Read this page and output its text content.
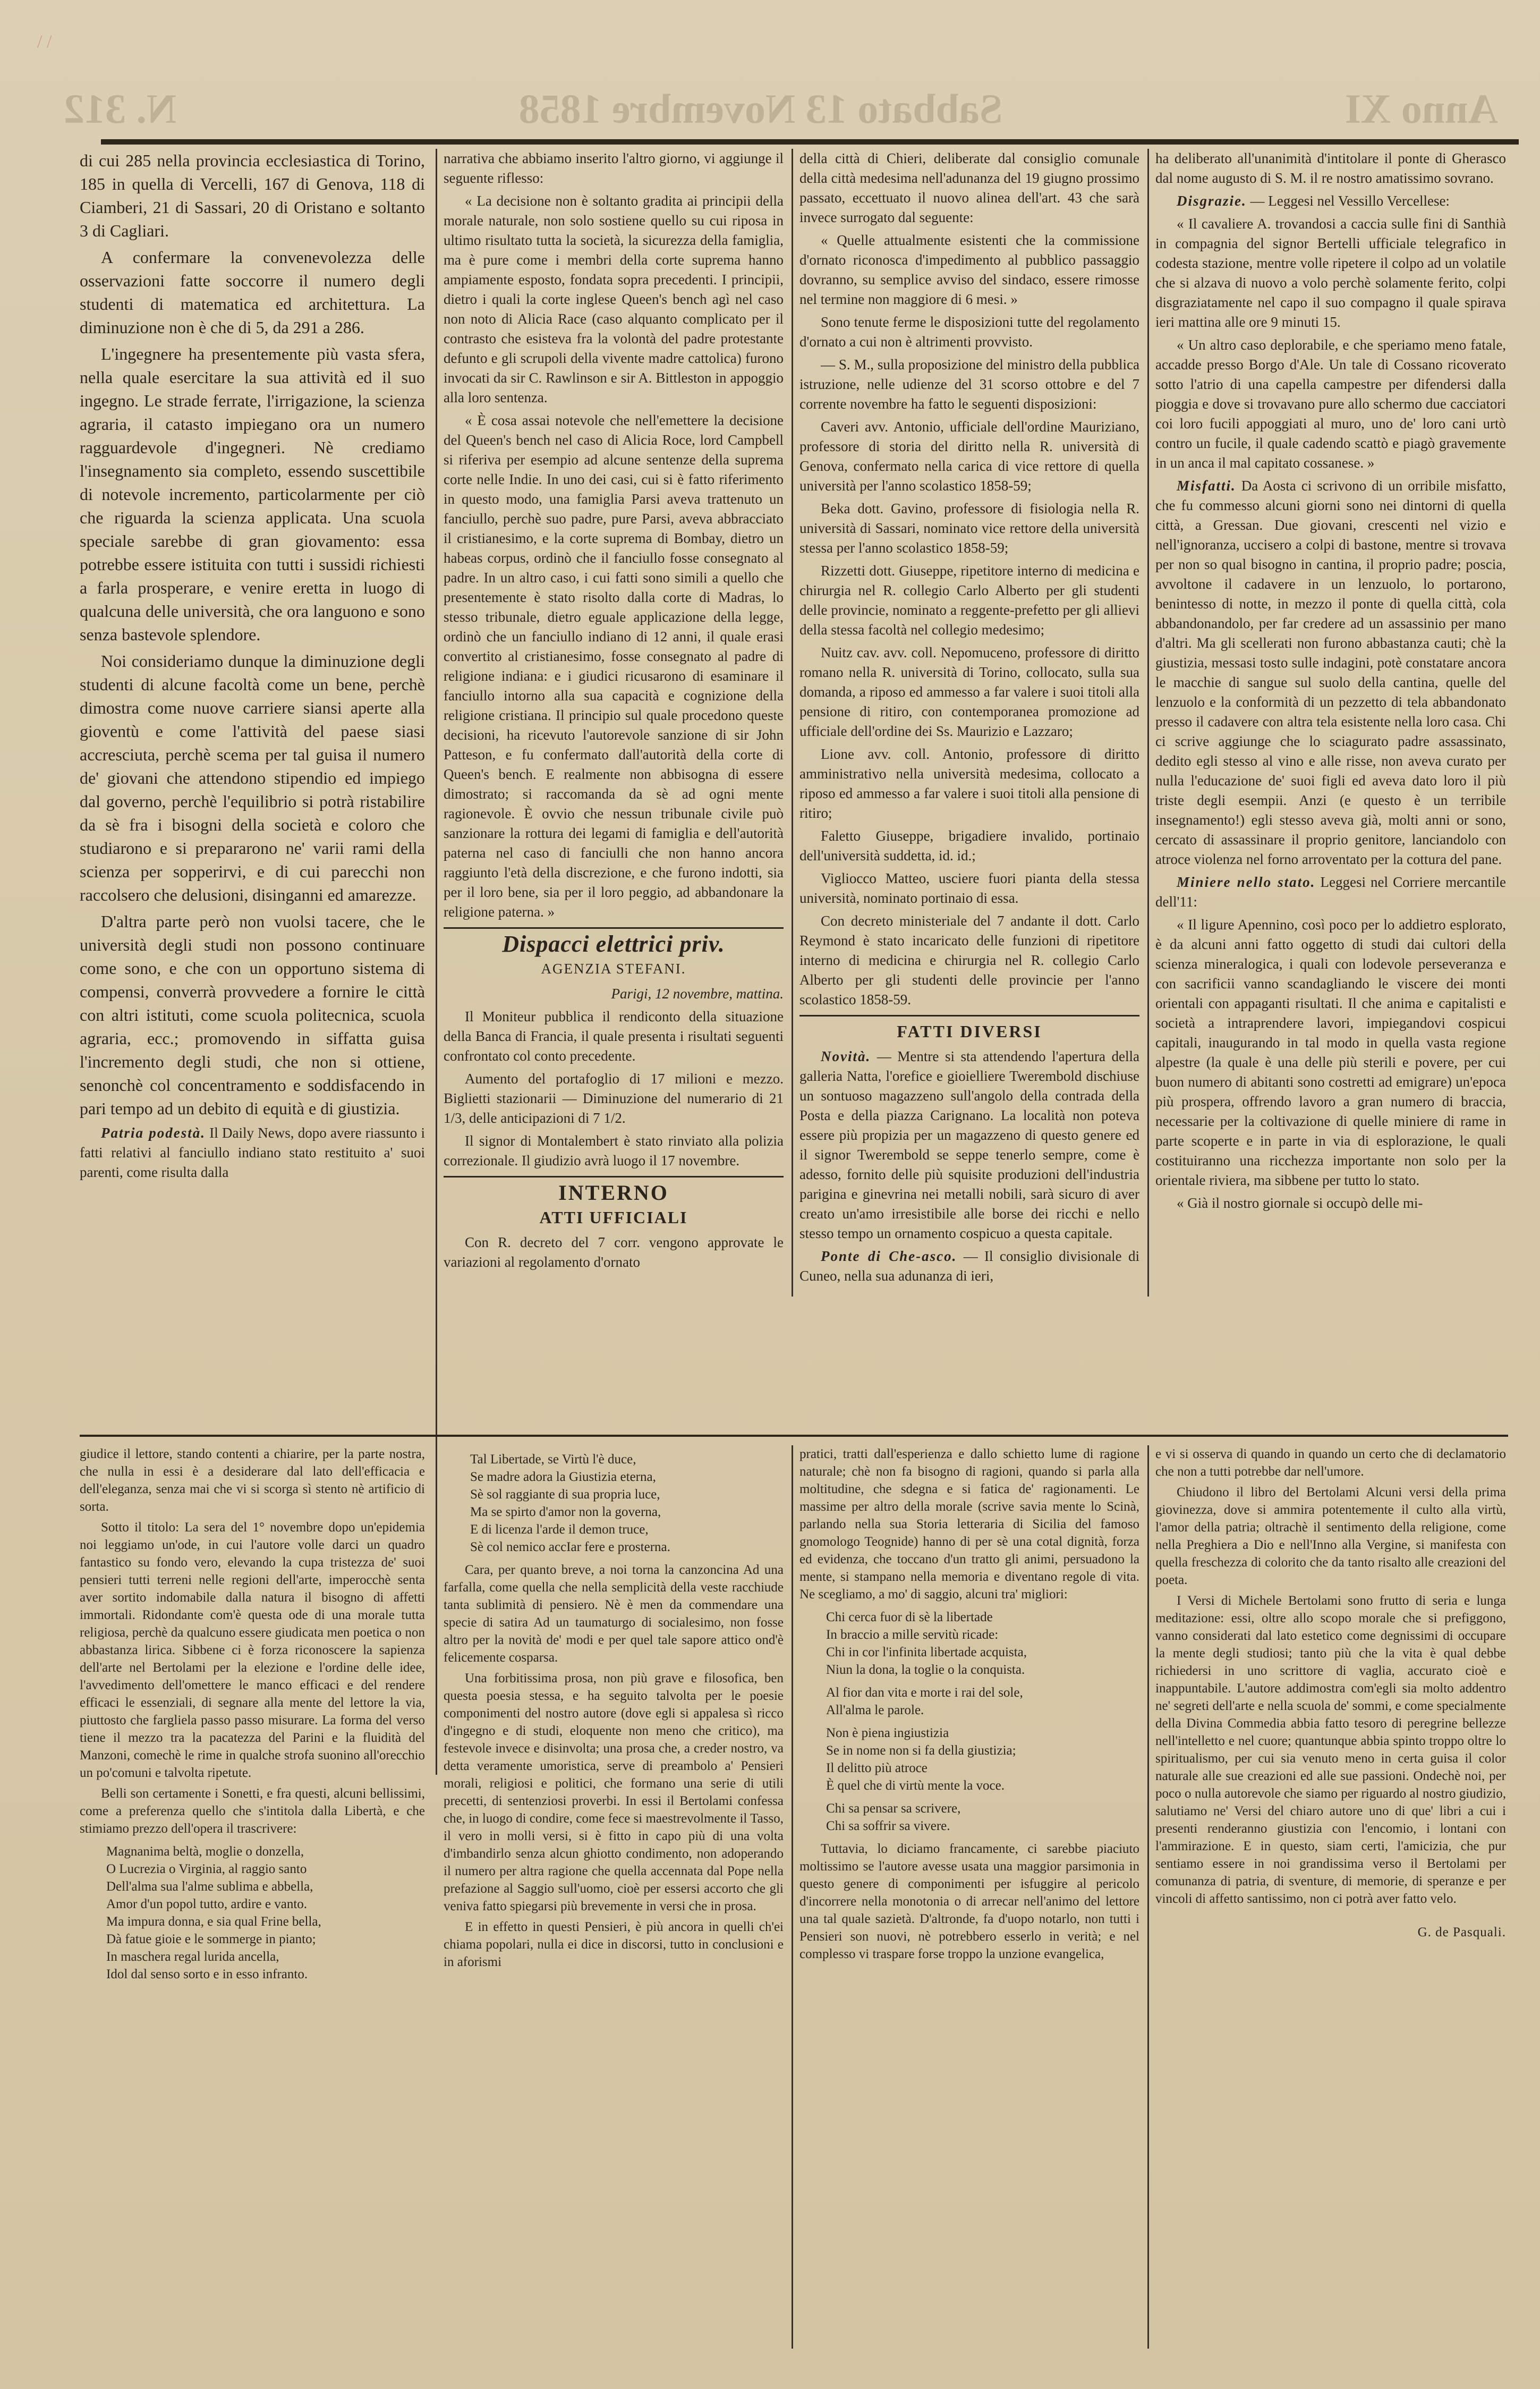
/ /
Anno XI
Sabbato 13 Novembre 1858
N. 312

di cui 285 nella provincia ecclesiastica di Torino, 185 in quella di Vercelli, 167 di Genova, 118 di Ciamberi, 21 di Sassari, 20 di Oristano e soltanto 3 di Cagliari.

A confermare la convenevolezza delle osservazioni fatte soccorre il numero degli studenti di matematica ed architettura. La diminuzione non è che di 5, da 291 a 286.

L'ingegnere ha presentemente più vasta sfera, nella quale esercitare la sua attività ed il suo ingegno. Le strade ferrate, l'irrigazione, la scienza agraria, il catasto impiegano ora un numero ragguardevole d'ingegneri. Nè crediamo l'insegnamento sia completo, essendo suscettibile di notevole incremento, particolarmente per ciò che riguarda la scienza applicata. Una scuola speciale sarebbe di gran giovamento: essa potrebbe essere istituita con tutti i sussidi richiesti a farla prosperare, e venire eretta in luogo di qualcuna delle università, che ora languono e sono senza bastevole splendore.

Noi consideriamo dunque la diminuzione degli studenti di alcune facoltà come un bene, perchè dimostra come nuove carriere siansi aperte alla gioventù e come l'attività del paese siasi accresciuta, perchè scema per tal guisa il numero de' giovani che attendono stipendio ed impiego dal governo, perchè l'equilibrio si potrà ristabilire da sè fra i bisogni della società e coloro che studiarono e si prepararono ne' varii rami della scienza per sopperirvi, e di cui parecchi non raccolsero che delusioni, disinganni ed amarezze.

D'altra parte però non vuolsi tacere, che le università degli studi non possono continuare come sono, e che con un opportuno sistema di compensi, converrà provvedere a fornire le città con altri istituti, come scuola politecnica, scuola agraria, ecc.; promovendo in siffatta guisa l'incremento degli studi, che non si ottiene, senonchè col concentramento e soddisfacendo in pari tempo ad un debito di equità e di giustizia.

Patria podestà. Il Daily News, dopo avere riassunto i fatti relativi al fanciullo indiano stato restituito a' suoi parenti, come risulta dalla

narrativa che abbiamo inserito l'altro giorno, vi aggiunge il seguente riflesso:

« La decisione non è soltanto gradita ai principii della morale naturale, non solo sostiene quello su cui riposa in ultimo risultato tutta la società, la sicurezza della famiglia, ma è pure come i membri della corte suprema hanno ampiamente esposto, fondata sopra precedenti. I principii, dietro i quali la corte inglese Queen's bench agì nel caso non noto di Alicia Race (caso alquanto complicato per il contrasto che esisteva fra la volontà del padre protestante defunto e gli scrupoli della vivente madre cattolica) furono invocati da sir C. Rawlinson e sir A. Bittleston in appoggio alla loro sentenza.

« È cosa assai notevole che nell'emettere la decisione del Queen's bench nel caso di Alicia Roce, lord Campbell si riferiva per esempio ad alcune sentenze della suprema corte nelle Indie. In uno dei casi, cui si è fatto riferimento in questo modo, una famiglia Parsi aveva trattenuto un fanciullo, perchè suo padre, pure Parsi, aveva abbracciato il cristianesimo, e la corte suprema di Bombay, dietro un habeas corpus, ordinò che il fanciullo fosse consegnato al padre. In un altro caso, i cui fatti sono simili a quello che presentemente è stato risolto dalla corte di Madras, lo stesso tribunale, dietro eguale applicazione della legge, ordinò che un fanciullo indiano di 12 anni, il quale erasi convertito al cristianesimo, fosse consegnato al padre di religione indiana: e i giudici ricusarono di esaminare il fanciullo intorno alla sua capacità e cognizione della religione cristiana. Il principio sul quale procedono queste decisioni, ha ricevuto l'autorevole sanzione di sir John Patteson, e fu confermato dall'autorità della corte di Queen's bench. E realmente non abbisogna di essere dimostrato; si raccomanda da sè ad ogni mente ragionevole. È ovvio che nessun tribunale civile può sanzionare la rottura dei legami di famiglia e dell'autorità paterna nel caso di fanciulli che non hanno ancora raggiunto l'età della discrezione, e che furono indotti, sia per il loro bene, sia per il loro peggio, ad abbandonare la religione paterna. »

Dispacci elettrici priv.
AGENZIA STEFANI.

Parigi, 12 novembre, mattina.

Il Moniteur pubblica il rendiconto della situazione della Banca di Francia, il quale presenta i risultati seguenti confrontato col conto precedente.

Aumento del portafoglio di 17 milioni e mezzo. Biglietti stazionarii — Diminuzione del numerario di 21 1/3, delle anticipazioni di 7 1/2.

Il signor di Montalembert è stato rinviato alla polizia correzionale. Il giudizio avrà luogo il 17 novembre.

INTERNO
ATTI UFFICIALI

Con R. decreto del 7 corr. vengono approvate le variazioni al regolamento d'ornato

della città di Chieri, deliberate dal consiglio comunale della città medesima nell'adunanza del 19 giugno prossimo passato, eccettuato il nuovo alinea dell'art. 43 che sarà invece surrogato dal seguente:

« Quelle attualmente esistenti che la commissione d'ornato riconosca d'impedimento al pubblico passaggio dovranno, su semplice avviso del sindaco, essere rimosse nel termine non maggiore di 6 mesi. »

Sono tenute ferme le disposizioni tutte del regolamento d'ornato a cui non è altrimenti provvisto.

— S. M., sulla proposizione del ministro della pubblica istruzione, nelle udienze del 31 scorso ottobre e del 7 corrente novembre ha fatto le seguenti disposizioni:

Caveri avv. Antonio, ufficiale dell'ordine Mauriziano, professore di storia del diritto nella R. università di Genova, confermato nella carica di vice rettore di quella università per l'anno scolastico 1858-59;

Beka dott. Gavino, professore di fisiologia nella R. università di Sassari, nominato vice rettore della università stessa per l'anno scolastico 1858-59;

Rizzetti dott. Giuseppe, ripetitore interno di medicina e chirurgia nel R. collegio Carlo Alberto per gli studenti delle provincie, nominato a reggente-prefetto per gli allievi della stessa facoltà nel collegio medesimo;

Nuitz cav. avv. coll. Nepomuceno, professore di diritto romano nella R. università di Torino, collocato, sulla sua domanda, a riposo ed ammesso a far valere i suoi titoli alla pensione di ritiro, con contemporanea promozione ad ufficiale dell'ordine dei Ss. Maurizio e Lazzaro;

Lione avv. coll. Antonio, professore di diritto amministrativo nella università medesima, collocato a riposo ed ammesso a far valere i suoi titoli alla pensione di ritiro;

Faletto Giuseppe, brigadiere invalido, portinaio dell'università suddetta, id. id.;

Vigliocco Matteo, usciere fuori pianta della stessa università, nominato portinaio di essa.

Con decreto ministeriale del 7 andante il dott. Carlo Reymond è stato incaricato delle funzioni di ripetitore interno di medicina e chirurgia nel R. collegio Carlo Alberto per gli studenti delle provincie per l'anno scolastico 1858-59.

FATTI DIVERSI

Novità. — Mentre si sta attendendo l'apertura della galleria Natta, l'orefice e gioielliere Twerembold dischiuse un sontuoso magazzeno sull'angolo della contrada della Posta e della piazza Carignano. La località non poteva essere più propizia per un magazzeno di questo genere ed il signor Twerembold se seppe tenerlo sempre, come è adesso, fornito delle più squisite produzioni dell'industria parigina e ginevrina nei metalli nobili, sarà sicuro di aver creato un'amo irresistibile alle borse dei ricchi e nello stesso tempo un ornamento cospicuo a questa capitale.

Ponte di Che-asco. — Il consiglio divisionale di Cuneo, nella sua adunanza di ieri,

ha deliberato all'unanimità d'intitolare il ponte di Gherasco dal nome augusto di S. M. il re nostro amatissimo sovrano.

Disgrazie. — Leggesi nel Vessillo Vercellese:

« Il cavaliere A. trovandosi a caccia sulle fini di Santhià in compagnia del signor Bertelli ufficiale telegrafico in codesta stazione, mentre volle ripetere il colpo ad un volatile che si alzava di nuovo a volo perchè solamente ferito, colpi disgraziatamente nel capo il suo compagno il quale spirava ieri mattina alle ore 9 minuti 15.

« Un altro caso deplorabile, e che speriamo meno fatale, accadde presso Borgo d'Ale. Un tale di Cossano ricoverato sotto l'atrio di una capella campestre per difendersi dalla pioggia e dove si trovavano pure allo schermo due cacciatori coi loro fucili appoggiati al muro, uno de' loro cani urtò contro un fucile, il quale cadendo scattò e piagò gravemente in un anca il mal capitato cossanese. »

Misfatti. Da Aosta ci scrivono di un orribile misfatto, che fu commesso alcuni giorni sono nei dintorni di quella città, a Gressan. Due giovani, crescenti nel vizio e nell'ignoranza, uccisero a colpi di bastone, mentre si trovava per non so qual bisogno in cantina, il proprio padre; poscia, avvoltone il cadavere in un lenzuolo, lo portarono, benintesso di notte, in mezzo il ponte di quella città, cola abbandonandolo, per far credere ad un assassinio per mano d'altri. Ma gli scellerati non furono abbastanza cauti; chè la giustizia, messasi tosto sulle indagini, potè constatare ancora le macchie di sangue sul suolo della cantina, quelle del lenzuolo e la conformità di un pezzetto di tela abbandonato presso il cadavere con altra tela esistente nella loro casa. Chi ci scrive aggiunge che lo sciagurato padre assassinato, dedito egli stesso al vino e alle risse, non aveva curato per nulla l'educazione de' suoi figli ed aveva dato loro il più triste degli esempii. Anzi (e questo è un terribile insegnamento!) egli stesso aveva già, molti anni or sono, cercato di assassinare il proprio genitore, lanciandolo con atroce violenza nel forno arroventato per la cottura del pane.

Miniere nello stato. Leggesi nel Corriere mercantile dell'11:

« Il ligure Apennino, così poco per lo addietro esplorato, è da alcuni anni fatto oggetto di studi dai cultori della scienza mineralogica, i quali con lodevole perseveranza e con sacrificii vanno scandagliando le viscere dei monti orientali con appaganti risultati. Il che anima e capitalisti e società a intraprendere lavori, impiegandovi cospicui capitali, inaugurando in tal modo in quella vasta regione alpestre (la quale è una delle più sterili e povere, per cui buon numero di abitanti sono costretti ad emigrare) un'epoca più prospera, offrendo lavoro a gran numero di braccia, necessarie per la coltivazione di quelle miniere di rame in parte scoperte e in parte in via di esplorazione, le quali costituiranno una ricchezza importante non solo per la orientale riviera, ma sibbene per tutto lo stato.

« Già il nostro giornale si occupò delle mi-

giudice il lettore, stando contenti a chiarire, per la parte nostra, che nulla in essi è a desiderare dal lato dell'efficacia e dell'eleganza, senza mai che vi si scorga sì stento nè artificio di sorta.

Sotto il titolo: La sera del 1° novembre dopo un'epidemia noi leggiamo un'ode, in cui l'autore volle darci un quadro fantastico su fondo vero, elevando la cupa tristezza de' suoi pensieri tutti terreni nelle regioni dell'arte, imperocchè senta aver sortito indomabile dalla natura il bisogno di affetti immortali. Ridondante com'è questa ode di una morale tutta religiosa, perchè da qualcuno essere giudicata men poetica o non abbastanza lirica. Sibbene ci è forza riconoscere la sapienza dell'arte nel Bertolami per la elezione e l'ordine delle idee, l'avvedimento dell'ometterе le manco efficaci e del rendere efficaci le essenziali, di segnare alla mente del lettore la via, piuttosto che fargliela passo passo misurare. La forma del verso tiene il mezzo tra la pacatezza del Parini e la fluidità del Manzoni, comechè le rime in qualche strofa suonino all'orecchio un po'comuni e talvolta ripetute.

Belli son certamente i Sonetti, e fra questi, alcuni bellissimi, come a preferenza quello che s'intitola dalla Libertà, e che stimiamo prezzo dell'opera il trascrivere:

Magnanima beltà, moglie o donzella,
O Lucrezia o Virginia, al raggio santo
Dell'alma sua l'alme sublima e abbella,
Amor d'un popol tutto, ardire e vanto.
Ma impura donna, e sia qual Frine bella,
Dà fatue gioie e le sommerge in pianto;
In maschera regal lurida ancella,
Idol dal senso sorto e in esso infranto.
Tal Libertade, se Virtù l'è duce,
Se madre adora la Giustizia eterna,
Sè sol raggiante di sua propria luce,
Ma se spirto d'amor non la governa,
E di licenza l'arde il demon truce,
Sè col nemico accIar fere e prosterna.

Cara, per quanto breve, a noi torna la canzoncina Ad una farfalla, come quella che nella semplicità della veste racchiude tanta sublimità di pensiero. Nè è men da commendare una specie di satira Ad un taumaturgo di socialesimo, non fosse altro per la novità de' modi e per quel tale sapore attico ond'è felicemente cosparsa.

Una forbitissima prosa, non più grave e filosofica, ben questa poesia stessa, e ha seguito talvolta per le poesie componimenti del nostro autore (dove egli si appalesa sì ricco d'ingegno e di studi, eloquente non meno che critico), ma festevole invece e disinvolta; una prosa che, a creder nostro, va detta veramente umoristica, serve di preambolo a' Pensieri morali, religiosi e politici, che formano una serie di utili precetti, di sentenziosi proverbi. In essi il Bertolami confessa che, in luogo di condire, come fece si maestrevolmente il Tasso, il vero in molli versi, si è fitto in capo più di una volta d'imbandirlo senza alcun ghiotto condimento, non adoperando il numero per altra ragione che quella accennata dal Pope nella prefazione al Saggio sull'uomo, cioè per essersi accorto che gli veniva fatto spiegarsi più brevemente in versi che in prosa.

E in effetto in questi Pensieri, è più ancora in quelli ch'ei chiama popolari, nulla ei dice in discorsi, tutto in conclusioni e in aforismi

pratici, tratti dall'esperienza e dallo schietto lume di ragione naturale; chè non fa bisogno di ragioni, quando si parla alla moltitudine, che sdegna e si fatica de' ragionamenti. Le massime per altro della morale (scrive savia mente lo Scinà, parlando nella sua Storia letteraria di Sicilia del famoso gnomologo Teognide) hanno di per sè una cotal dignità, forza ed evidenza, che toccano d'un tratto gli animi, persuadono la mente, si stampano nella memoria e diventano regole di vita. Ne scegliamo, a mo' di saggio, alcuni tra' migliori:

Chi cerca fuor di sè la libertade
In braccio a mille servitù ricade:
Chi in cor l'infinita libertade acquista,
Niun la dona, la toglie o la conquista.
Al fior dan vita e morte i rai del sole,
All'alma le parole.
Non è piena ingiustizia
Se in nome non si fa della giustizia;
Il delitto più atroce
È quel che di virtù mente la voce.
Chi sa pensar sa scrivere,
Chi sa soffrir sa vivere.

Tuttavia, lo diciamo francamente, ci sarebbe piaciuto moltissimo se l'autore avesse usata una maggior parsimonia in questo genere di componimenti per isfuggire al pericolo d'incorrere nella monotonia o di arrecar nell'animo del lettore una tal quale sazietà. D'altronde, fa d'uopo notarlo, non tutti i Pensieri son nuovi, nè potrebbero esserlo in verità; e nel complesso vi traspare forse troppo la unzione evangelica,

e vi si osserva di quando in quando un certo che di declamatorio che non a tutti potrebbe dar nell'umore.

Chiudono il libro del Bertolami Alcuni versi della prima giovinezza, dove si ammira potentemente il culto alla virtù, l'amor della patria; oltrachè il sentimento della religione, come nella Preghiera a Dio e nell'Inno alla Vergine, si manifesta con quella freschezza di colorito che da tanto risalto alle creazioni del poeta.

I Versi di Michele Bertolami sono frutto di seria e lunga meditazione: essi, oltre allo scopo morale che si prefiggono, vanno considerati dal lato estetico come degnissimi di occupare la mente degli studiosi; tanto più che la vita è qual debbe richiedersi in uno scrittore di vaglia, accurato cioè e inappuntabile. L'autore addimostra com'egli sia molto addentro ne' segreti dell'arte e nella scuola de' sommi, e come specialmente della Divina Commedia abbia fatto tesoro di peregrine bellezze nell'intelletto e nel cuore; quantunque abbia spinto troppo oltre lo spiritualismo, per cui sia venuto meno in certa guisa il color naturale alle sue creazioni ed alle sue passioni. Ondechè noi, per poco o nulla autorevole che siamo per riguardo al nostro giudizio, salutiamo ne' Versi del chiaro autore uno di que' libri a cui i presenti renderanno giustizia con l'encomio, i lontani con l'ammirazione. E in questo, siam certi, l'amicizia, che pur sentiamo essere in noi grandissima verso il Bertolami per comunanza di patria, di sventure, di memorie, di speranze e per vincoli di affetto santissimo, non ci potrà aver fatto velo.

G. de Pasquali.
